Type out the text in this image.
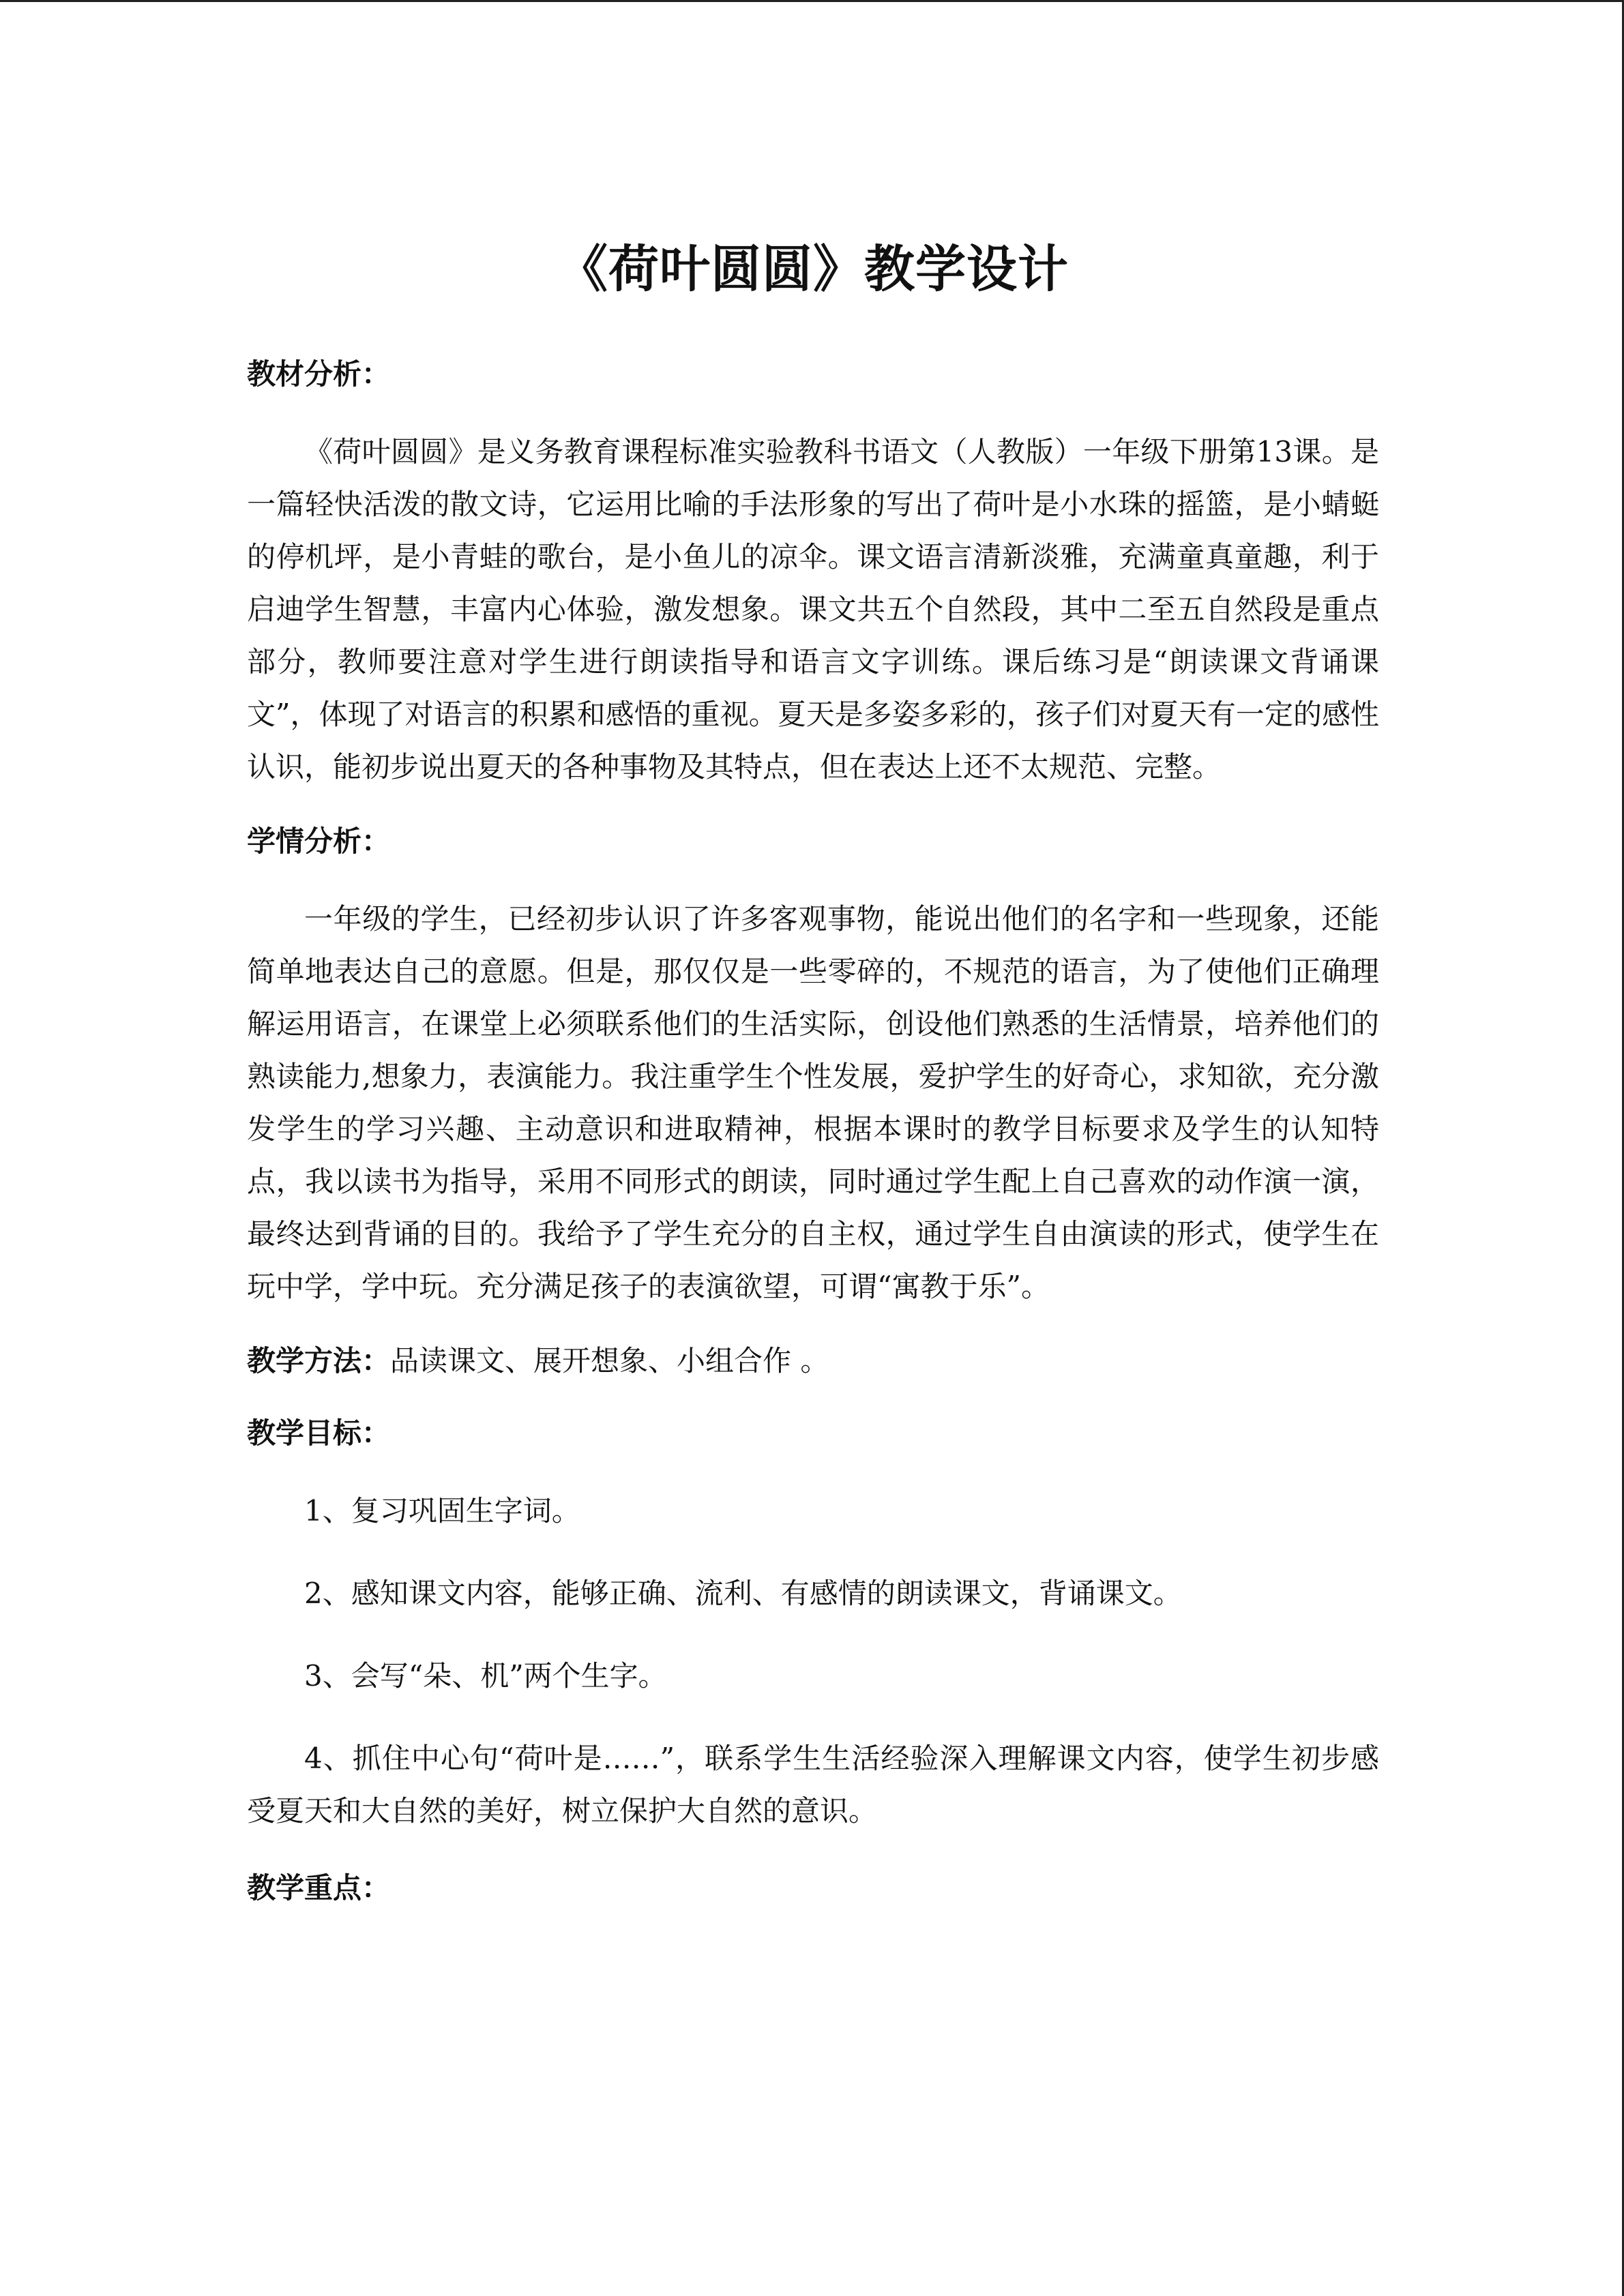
《荷叶圆圆》教学设计
教材分析：

《荷叶圆圆》是义务教育课程标准实验教科书语文（人教版）一年级下册第13课。是一篇轻快活泼的散文诗，它运用比喻的手法形象的写出了荷叶是小水珠的摇篮，是小蜻蜓的停机坪，是小青蛙的歌台，是小鱼儿的凉伞。课文语言清新淡雅，充满童真童趣，利于启迪学生智慧，丰富内心体验，激发想象。课文共五个自然段，其中二至五自然段是重点部分，教师要注意对学生进行朗读指导和语言文字训练。课后练习是“朗读课文背诵课文”，体现了对语言的积累和感悟的重视。夏天是多姿多彩的，孩子们对夏天有一定的感性认识，能初步说出夏天的各种事物及其特点，但在表达上还不太规范、完整。

学情分析：

一年级的学生，已经初步认识了许多客观事物，能说出他们的名字和一些现象，还能简单地表达自己的意愿。但是，那仅仅是一些零碎的，不规范的语言，为了使他们正确理解运用语言，在课堂上必须联系他们的生活实际，创设他们熟悉的生活情景，培养他们的熟读能力,想象力，表演能力。我注重学生个性发展，爱护学生的好奇心，求知欲，充分激发学生的学习兴趣、主动意识和进取精神，根据本课时的教学目标要求及学生的认知特点，我以读书为指导，采用不同形式的朗读，同时通过学生配上自己喜欢的动作演一演，最终达到背诵的目的。我给予了学生充分的自主权，通过学生自由演读的形式，使学生在玩中学，学中玩。充分满足孩子的表演欲望，可谓“寓教于乐”。

教学方法：品读课文、展开想象、小组合作 。
教学目标：

1、复习巩固生字词。

2、感知课文内容，能够正确、流利、有感情的朗读课文，背诵课文。

3、会写“朵、机”两个生字。

4、抓住中心句“荷叶是……”，联系学生生活经验深入理解课文内容，使学生初步感受夏天和大自然的美好，树立保护大自然的意识。

教学重点：
